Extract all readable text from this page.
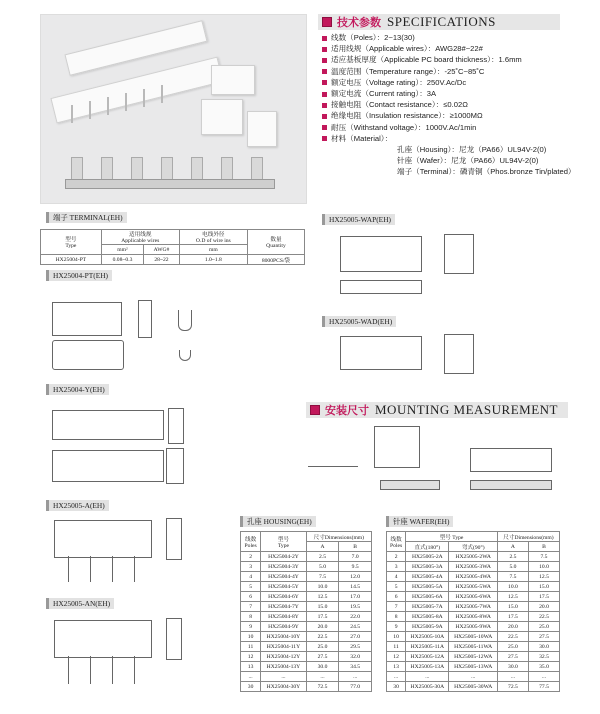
技术参数 SPECIFICATIONS
线数（Poles）：2~13(30)
适用线规（Applicable wires）：AWG28#~22#
适应基板厚度（Applicable PC board thickness）：1.6mm
温度范围（Temperature range）：-25˚C~85˚C
额定电压（Voltage rating）：250V.Ac/Dc
额定电流（Current rating）：3A
接触电阻（Contact resistance）：≤0.02Ω
绝缘电阻（Insulation resistance）：≥1000MΩ
耐压（Withstand voltage）：1000V.Ac/1min
材料（Material）：
孔座（Housing）：尼龙（PA66）UL94V-2(0)
针座（Wafer）：尼龙（PA66）UL94V-2(0)
端子（Terminal）：磷青铜（Phos.bronze Tin/plated）
端子 TERMINAL(EH)
型号
Type	适用线规
Applicable wires		电线外径
O.D of wire ins	数量
Quantity
	mm²	AWG#	mm	
HX25004-PT	0.08~0.3	28~22	1.0~1.8	8000PCS/袋
HX25004-PT(EH)
HX25004-Y(EH)
HX25005-A(EH)
HX25005-AN(EH)
HX25005-WAP(EH)
HX25005-WAD(EH)
安装尺寸 MOUNTING MEASUREMENT
孔座 HOUSING(EH)
线数
Poles	型号
Type	尺寸Dimensions(mm)	
		A	B
2	HX25004-2Y	2.5	7.0
3	HX25004-3Y	5.0	9.5
4	HX25004-4Y	7.5	12.0
5	HX25004-5Y	10.0	14.5
6	HX25004-6Y	12.5	17.0
7	HX25004-7Y	15.0	19.5
8	HX25004-8Y	17.5	22.0
9	HX25004-9Y	20.0	24.5
10	HX25004-10Y	22.5	27.0
11	HX25004-11Y	25.0	29.5
12	HX25004-12Y	27.5	32.0
13	HX25004-13Y	30.0	34.5
...	...	...	...
30	HX25004-30Y	72.5	77.0
针座 WAFER(EH)
线数
Poles	型号 Type		尺寸Dimensions(mm)	
	直式(180°)	弯式(90°)	A	B
2	HX25005-2A	HX25005-2WA	2.5	7.5
3	HX25005-3A	HX25005-3WA	5.0	10.0
4	HX25005-4A	HX25005-4WA	7.5	12.5
5	HX25005-5A	HX25005-5WA	10.0	15.0
6	HX25005-6A	HX25005-6WA	12.5	17.5
7	HX25005-7A	HX25005-7WA	15.0	20.0
8	HX25005-8A	HX25005-8WA	17.5	22.5
9	HX25005-9A	HX25005-9WA	20.0	25.0
10	HX25005-10A	HX25005-10WA	22.5	27.5
11	HX25005-11A	HX25005-11WA	25.0	30.0
12	HX25005-12A	HX25005-12WA	27.5	32.5
13	HX25005-13A	HX25005-13WA	30.0	35.0
...	...	...	...	...
30	HX25005-30A	HX25005-30WA	72.5	77.5
